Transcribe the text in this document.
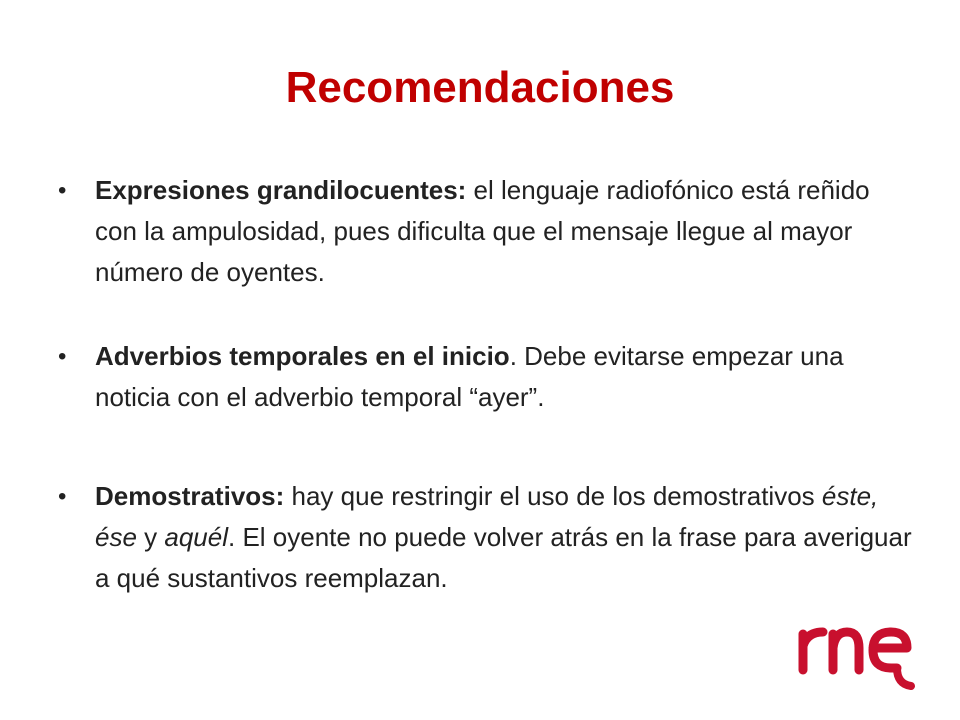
Recomendaciones
• Expresiones grandilocuentes: el lenguaje radiofónico está reñido con la ampulosidad, pues dificulta que el mensaje llegue al mayor número de oyentes.
• Adverbios temporales en el inicio. Debe evitarse empezar una noticia con el adverbio temporal “ayer”.
• Demostrativos: hay que restringir el uso de los demostrativos éste, ése y aquél. El oyente no puede volver atrás en la frase para averiguar a qué sustantivos reemplazan.
